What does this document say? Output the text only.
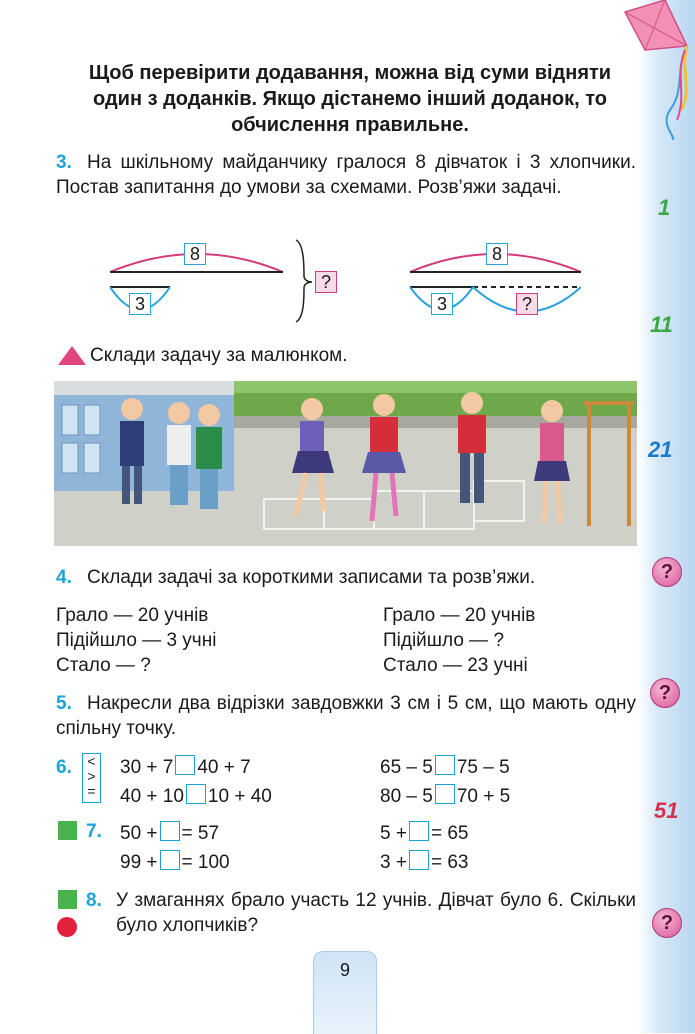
1
11
21
?
?
51
?
Щоб перевірити додавання, можна від суми відняти один з доданків. Якщо дістанемо інший доданок, то обчислення правильне.
3. На шкільному майданчику гралося 8 дівчаток і 3 хлопчики. Постав запитання до умови за схемами. Розв’яжи задачі.
8
3
?
8
3	?
Склади задачу за малюнком.
4. Склади задачі за короткими записами та розв’яжи.
Грало — 20 учнів
Підійшло — 3 учні
Стало — ?
Грало — 20 учнів
Підійшло — ?
Стало — 23 учні
5. Накресли два відрізки завдовжки 3 см і 5 см, що мають одну спільну точку.
6.	< > =
30 + 7 40 + 7
40 + 10 10 + 40
65 – 5 75 – 5
80 – 5 70 + 5
7. 50 + = 57
99 + = 100
5 + = 65
3 + = 63
8. У змаганнях брало участь 12 учнів. Дівчат було 6. Скільки було хлопчиків?
9
